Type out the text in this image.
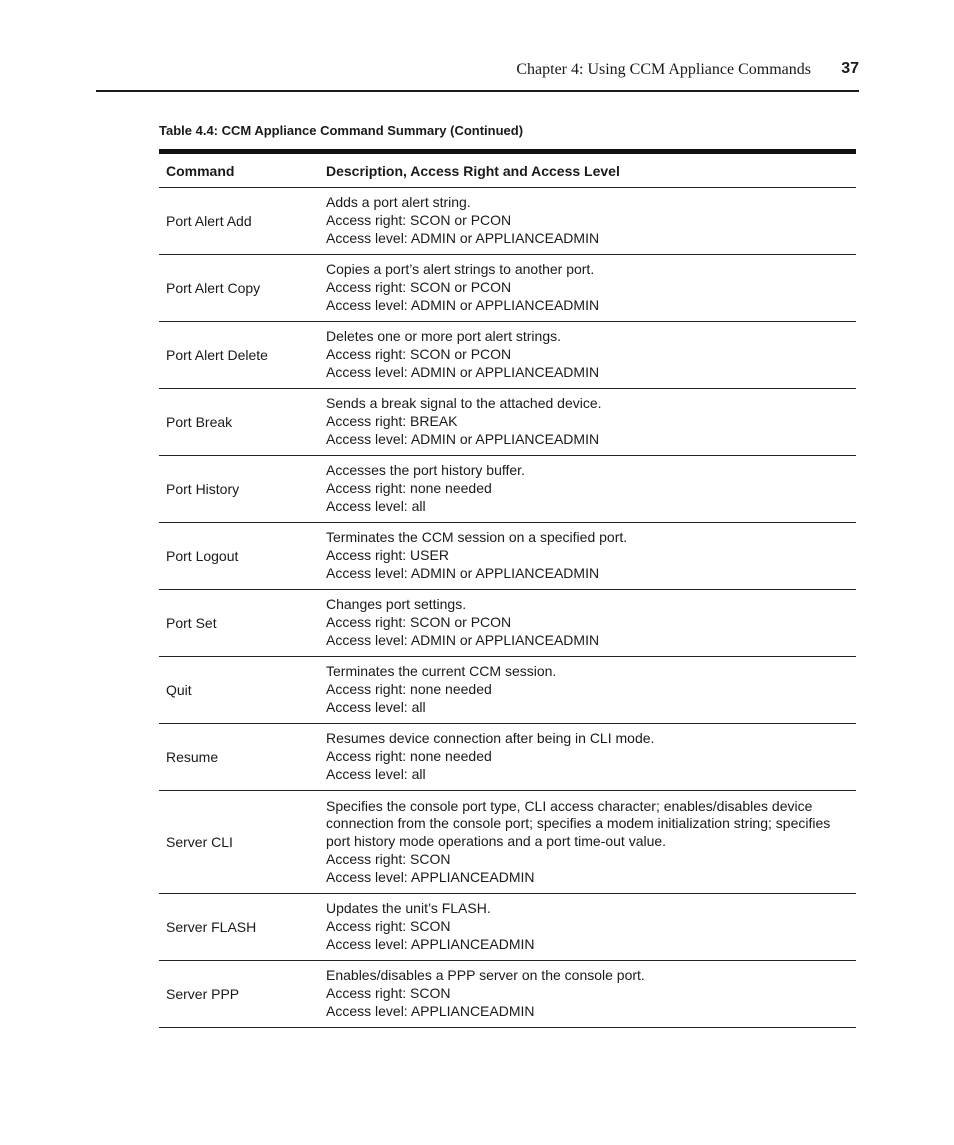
Chapter 4: Using CCM Appliance Commands 37
Table 4.4: CCM Appliance Command Summary (Continued)
Command	Description, Access Right and Access Level
Port Alert Add
Adds a port alert string.
Access right: SCON or PCON
Access level: ADMIN or APPLIANCEADMIN
Port Alert Copy
Copies a port’s alert strings to another port.
Access right: SCON or PCON
Access level: ADMIN or APPLIANCEADMIN
Port Alert Delete
Deletes one or more port alert strings.
Access right: SCON or PCON
Access level: ADMIN or APPLIANCEADMIN
Port Break
Sends a break signal to the attached device.
Access right: BREAK
Access level: ADMIN or APPLIANCEADMIN
Port History
Accesses the port history buffer.
Access right: none needed
Access level: all
Port Logout
Terminates the CCM session on a specified port.
Access right: USER
Access level: ADMIN or APPLIANCEADMIN
Port Set
Changes port settings.
Access right: SCON or PCON
Access level: ADMIN or APPLIANCEADMIN
Quit
Terminates the current CCM session.
Access right: none needed
Access level: all
Resume
Resumes device connection after being in CLI mode.
Access right: none needed
Access level: all
Server CLI
Specifies the console port type, CLI access character; enables/disables device
connection from the console port; specifies a modem initialization string; specifies
port history mode operations and a port time-out value.
Access right: SCON
Access level: APPLIANCEADMIN
Server FLASH
Updates the unit’s FLASH.
Access right: SCON
Access level: APPLIANCEADMIN
Server PPP
Enables/disables a PPP server on the console port.
Access right: SCON
Access level: APPLIANCEADMIN
